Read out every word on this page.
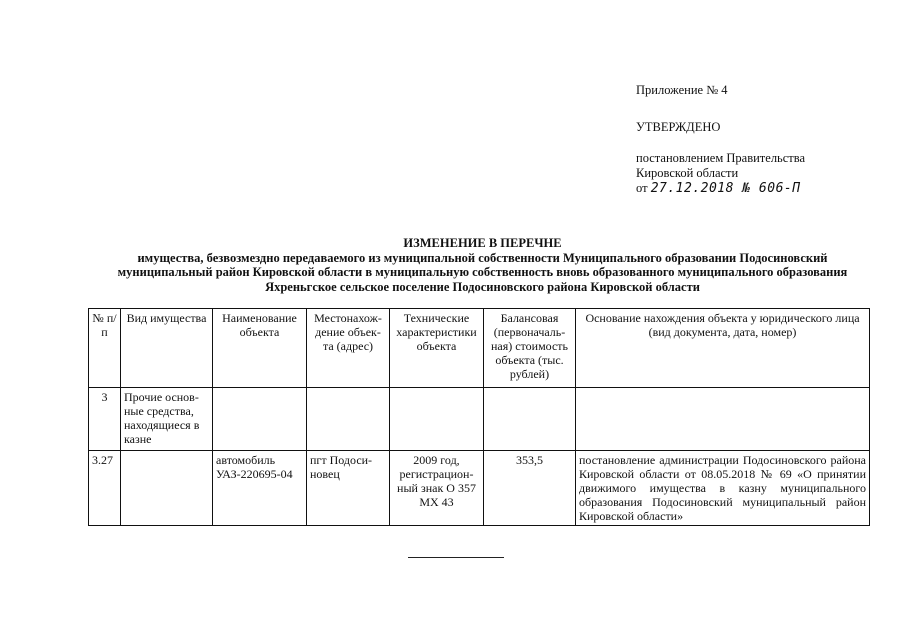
Приложение № 4
УТВЕРЖДЕНО
постановлением Правительства
Кировской области
от 27.12.2018 № 606-П
ИЗМЕНЕНИЕ В ПЕРЕЧНЕ
имущества, безвозмездно передаваемого из муниципальной собственности Муниципального образовании Подосиновский
муниципальный район Кировской области в муниципальную собственность вновь образованного муниципального образования
Яхреньгское сельское поселение Подосиновского района Кировской области
№ п/п	Вид имущества	Наименование объекта	Местонахож-дение объек-та (адрес)	Технические характеристики объекта	Балансовая (первоначаль-ная) стоимость объекта (тыс. рублей)	Основание нахождения объекта у юридического лица (вид документа, дата, номер)
3	Прочие основ-ные средства, находящиеся в казне					
3.27		автомобиль УАЗ-220695-04	пгт Подоси-новец	2009 год, регистрацион-ный знак О 357 МХ 43	353,5	постановление администрации Подосиновского района Кировской области от 08.05.2018 № 69 «О принятии движимого имущества в казну муниципального образования Подосиновский муниципальный район Кировской области»
